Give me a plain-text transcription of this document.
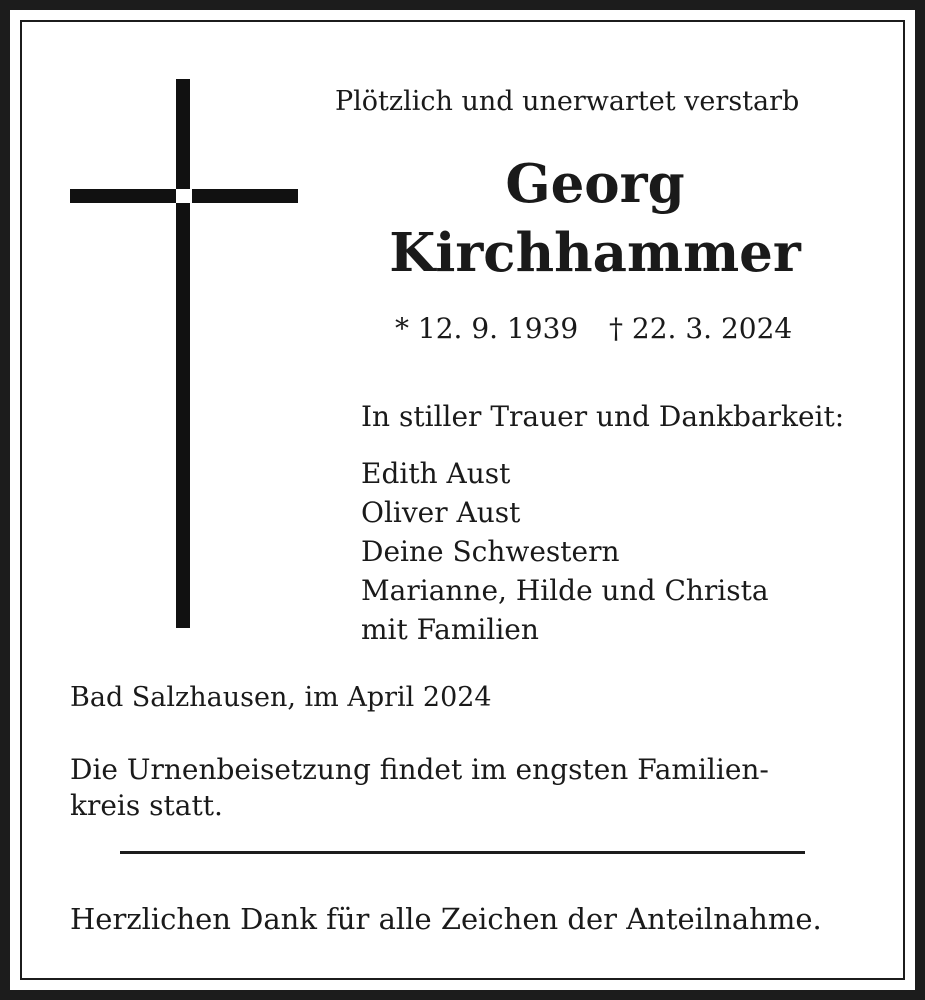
Plötzlich und unerwartet verstarb
Georg
Kirchhammer
* 12. 9. 1939 † 22. 3. 2024
In stiller Trauer und Dankbarkeit:
Edith Aust
Oliver Aust
Deine Schwestern
Marianne, Hilde und Christa
mit Familien
Bad Salzhausen, im April 2024
Die Urnenbeisetzung findet im engsten Familien-
kreis statt.
Herzlichen Dank für alle Zeichen der Anteilnahme.
